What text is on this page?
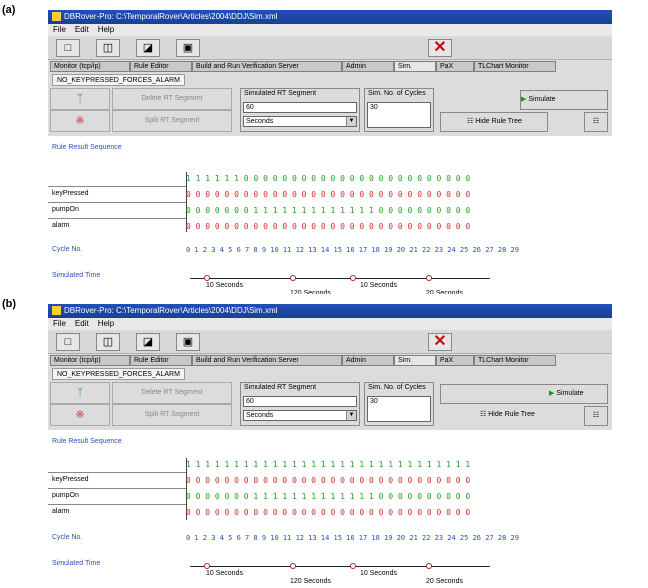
(a)
DBRover-Pro: C:\TemporalRover\Articles\2004\DDJ\Sim.xml
File Edit Help
□	◫	◪	▣	✕
Monitor (tcp/ip)	Rule Editor	Build and Run Verification Server	Admin	Sim.	PaX	TLChart Monitor
NO_KEYPRESSED_FORCES_ALARM
ᛉ
※
Delete RT Segment
Split RT Segment
Simulated RT Segment
60
Seconds	▼
Sim. No. of Cycles
30
▶ Simulate
☷ Hide Rule Tree	☷
Rule Result Sequence
1 1 1 1 1 1 0 0 0 0 0 0 0 0 0 0 0 0 0 0 0 0 0 0 0 0 0 0 0 0
keyPressed	0 0 0 0 0 0 0 0 0 0 0 0 0 0 0 0 0 0 0 0 0 0 0 0 0 0 0 0 0 0
pumpOn	0 0 0 0 0 0 0 1 1 1 1 1 1 1 1 1 1 1 1 1 0 0 0 0 0 0 0 0 0 0
alarm	0 0 0 0 0 0 0 0 0 0 0 0 0 0 0 0 0 0 0 0 0 0 0 0 0 0 0 0 0 0
Cycle No.	0 1 2 3 4 5 6 7 8 9 10 11 12 13 14 15 16 17 18 19 20 21 22 23 24 25 26 27 28 29
Simulated Time
10 Seconds
120 Seconds
10 Seconds
20 Seconds
(b)
DBRover-Pro: C:\TemporalRover\Articles\2004\DDJ\Sim.xml
File Edit Help
□	◫	◪	▣	✕
Monitor (tcp/ip)	Rule Editor	Build and Run Verification Server	Admin	Sim.	PaX	TLChart Monitor
NO_KEYPRESSED_FORCES_ALARM
ᛉ
※
Delete RT Segment
Split RT Segment
Simulated RT Segment
60
Seconds	▼
Sim. No. of Cycles
30
▶ Simulate
☷ Hide Rule Tree	☷
Rule Result Sequence
1 1 1 1 1 1 1 1 1 1 1 1 1 1 1 1 1 1 1 1 1 1 1 1 1 1 1 1 1 1
keyPressed	0 0 0 0 0 0 0 0 0 0 0 0 0 0 0 0 0 0 0 0 0 0 0 0 0 0 0 0 0 0
pumpOn	0 0 0 0 0 0 0 1 1 1 1 1 1 1 1 1 1 1 1 1 0 0 0 0 0 0 0 0 0 0
alarm	0 0 0 0 0 0 0 0 0 0 0 0 0 0 0 0 0 0 0 0 0 0 0 0 0 0 0 0 0 0
Cycle No.	0 1 2 3 4 5 6 7 8 9 10 11 12 13 14 15 16 17 18 19 20 21 22 23 24 25 26 27 28 29
Simulated Time
10 Seconds
120 Seconds
10 Seconds
20 Seconds
